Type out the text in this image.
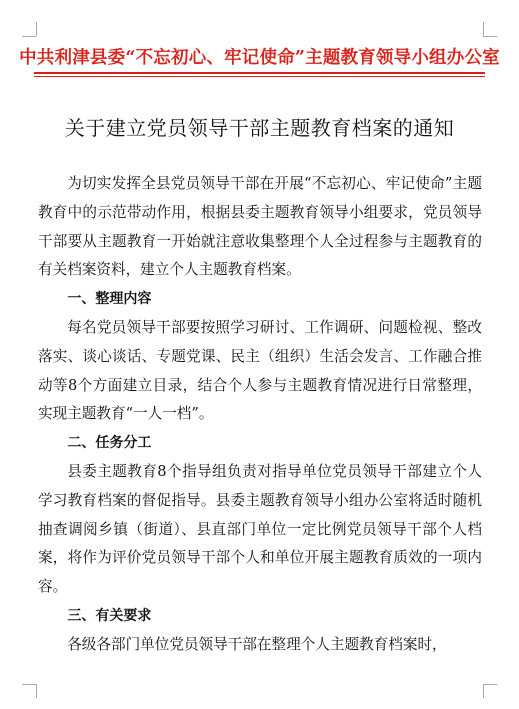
中共利津县委“不忘初心、牢记使命”主题教育领导小组办公室
关于建立党员领导干部主题教育档案的通知

为切实发挥全县党员领导干部在开展“不忘初心、牢记使命”主题教育中的示范带动作用，根据县委主题教育领导小组要求，党员领导干部要从主题教育一开始就注意收集整理个人全过程参与主题教育的有关档案资料，建立个人主题教育档案。

一、整理内容

每名党员领导干部要按照学习研讨、工作调研、问题检视、整改落实、谈心谈话、专题党课、民主（组织）生活会发言、工作融合推动等8个方面建立目录，结合个人参与主题教育情况进行日常整理，实现主题教育“一人一档”。

二、任务分工

县委主题教育8个指导组负责对指导单位党员领导干部建立个人学习教育档案的督促指导。县委主题教育领导小组办公室将适时随机抽查调阅乡镇（街道）、县直部门单位一定比例党员领导干部个人档案，将作为评价党员领导干部个人和单位开展主题教育质效的一项内容。

三、有关要求

各级各部门单位党员领导干部在整理个人主题教育档案时，
